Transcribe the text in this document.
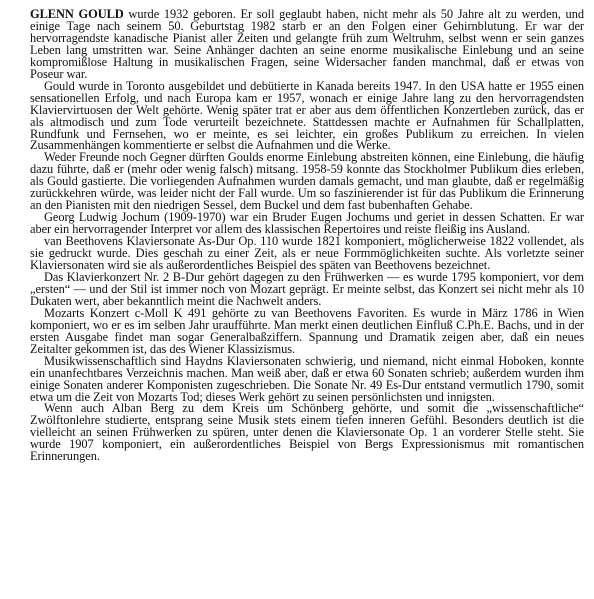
GLENN GOULD wurde 1932 geboren. Er soll geglaubt haben, nicht mehr als 50 Jahre alt zu werden, und einige Tage nach seinem 50. Geburtstag 1982 starb er an den Folgen einer Gehirnblutung. Er war der hervorragendste kanadische Pianist aller Zeiten und gelangte früh zum Weltruhm, selbst wenn er sein ganzes Leben lang umstritten war. Seine Anhänger dachten an seine enorme musikalische Einlebung und an seine kompromißlose Haltung in musikalischen Fragen, seine Widersacher fanden manchmal, daß er etwas von Poseur war.

Gould wurde in Toronto ausgebildet und debütierte in Kanada bereits 1947. In den USA hatte er 1955 einen sensationellen Erfolg, und nach Europa kam er 1957, wonach er einige Jahre lang zu den hervorragendsten Klaviervirtuosen der Welt gehörte. Wenig später trat er aber aus dem öffentlichen Konzertleben zurück, das er als altmodisch und zum Tode verurteilt bezeichnete. Stattdessen machte er Aufnahmen für Schallplatten, Rundfunk und Fernsehen, wo er meinte, es sei leichter, ein großes Publikum zu erreichen. In vielen Zusammenhängen kommentierte er selbst die Aufnahmen und die Werke.

Weder Freunde noch Gegner dürften Goulds enorme Einlebung abstreiten können, eine Einlebung, die häufig dazu führte, daß er (mehr oder wenig falsch) mitsang. 1958-59 konnte das Stockholmer Publikum dies erleben, als Gould gastierte. Die vorliegenden Aufnahmen wurden damals gemacht, und man glaubte, daß er regelmäßig zurückkehren würde, was leider nicht der Fall wurde. Um so faszinierender ist für das Publikum die Erinnerung an den Pianisten mit den niedrigen Sessel, dem Buckel und dem fast bubenhaften Gehabe.

Georg Ludwig Jochum (1909-1970) war ein Bruder Eugen Jochums und geriet in dessen Schatten. Er war aber ein hervorragender Interpret vor allem des klassischen Repertoires und reiste fleißig ins Ausland.

van Beethovens Klaviersonate As-Dur Op. 110 wurde 1821 komponiert, möglicherweise 1822 vollendet, als sie gedruckt wurde. Dies geschah zu einer Zeit, als er neue Formmöglichkeiten suchte. Als vorletzte seiner Klaviersonaten wird sie als außerordentliches Beispiel des späten van Beethovens bezeichnet.

Das Klavierkonzert Nr. 2 B-Dur gehört dagegen zu den Frühwerken — es wurde 1795 komponiert, vor dem „ersten“ — und der Stil ist immer noch von Mozart geprägt. Er meinte selbst, das Konzert sei nicht mehr als 10 Dukaten wert, aber bekanntlich meint die Nachwelt anders.

Mozarts Konzert c-Moll K 491 gehörte zu van Beethovens Favoriten. Es wurde in März 1786 in Wien komponiert, wo er es im selben Jahr uraufführte. Man merkt einen deutlichen Einfluß C.Ph.E. Bachs, und in der ersten Ausgabe findet man sogar Generalbaßziffern. Spannung und Dramatik zeigen aber, daß ein neues Zeitalter gekommen ist, das des Wiener Klassizismus.

Musikwissenschaftlich sind Haydns Klaviersonaten schwierig, und niemand, nicht einmal Hoboken, konnte ein unanfechtbares Verzeichnis machen. Man weiß aber, daß er etwa 60 Sonaten schrieb; außerdem wurden ihm einige Sonaten anderer Komponisten zugeschrieben. Die Sonate Nr. 49 Es-Dur entstand vermutlich 1790, somit etwa um die Zeit von Mozarts Tod; dieses Werk gehört zu seinen persönlichsten und innigsten.

Wenn auch Alban Berg zu dem Kreis um Schönberg gehörte, und somit die „wissenschaftliche“ Zwölftonlehre studierte, entsprang seine Musik stets einem tiefen inneren Gefühl. Besonders deutlich ist die vielleicht an seinen Frühwerken zu spüren, unter denen die Klaviersonate Op. 1 an vorderer Stelle steht. Sie wurde 1907 komponiert, ein außerordentliches Beispiel von Bergs Expressionismus mit romantischen Erinnerungen.
